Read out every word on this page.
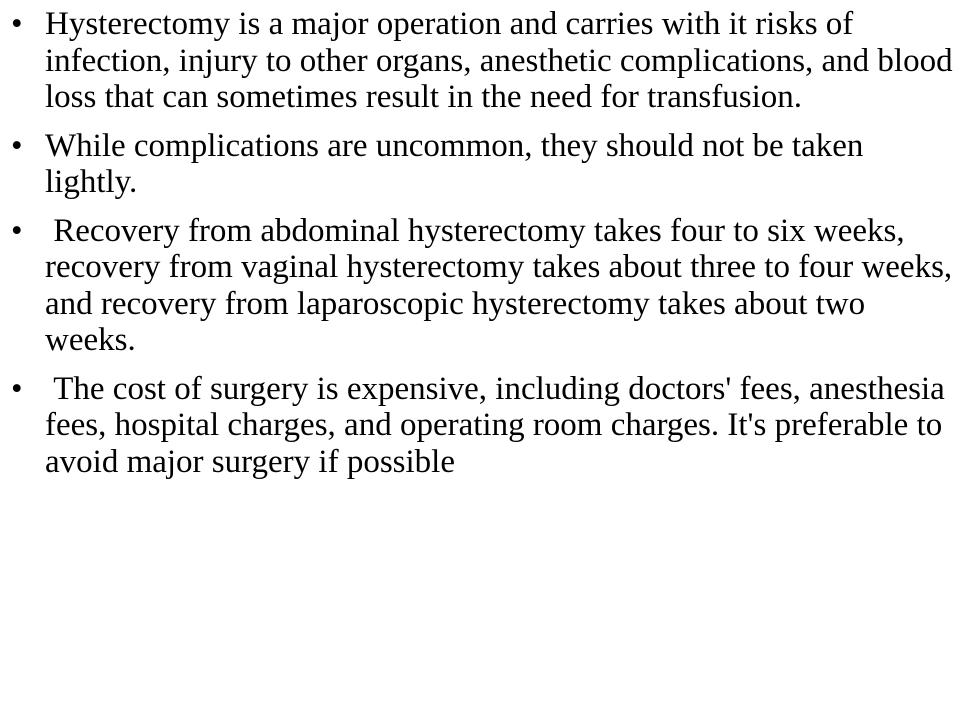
• Hysterectomy is a major operation and carries with it risks of infection, injury to other organs, anesthetic complications, and blood loss that can sometimes result in the need for transfusion.
• While complications are uncommon, they should not be taken lightly.
• Recovery from abdominal hysterectomy takes four to six weeks, recovery from vaginal hysterectomy takes about three to four weeks, and recovery from laparoscopic hysterectomy takes about two weeks.
• The cost of surgery is expensive, including doctors' fees, anesthesia fees, hospital charges, and operating room charges. It's preferable to avoid major surgery if possible
